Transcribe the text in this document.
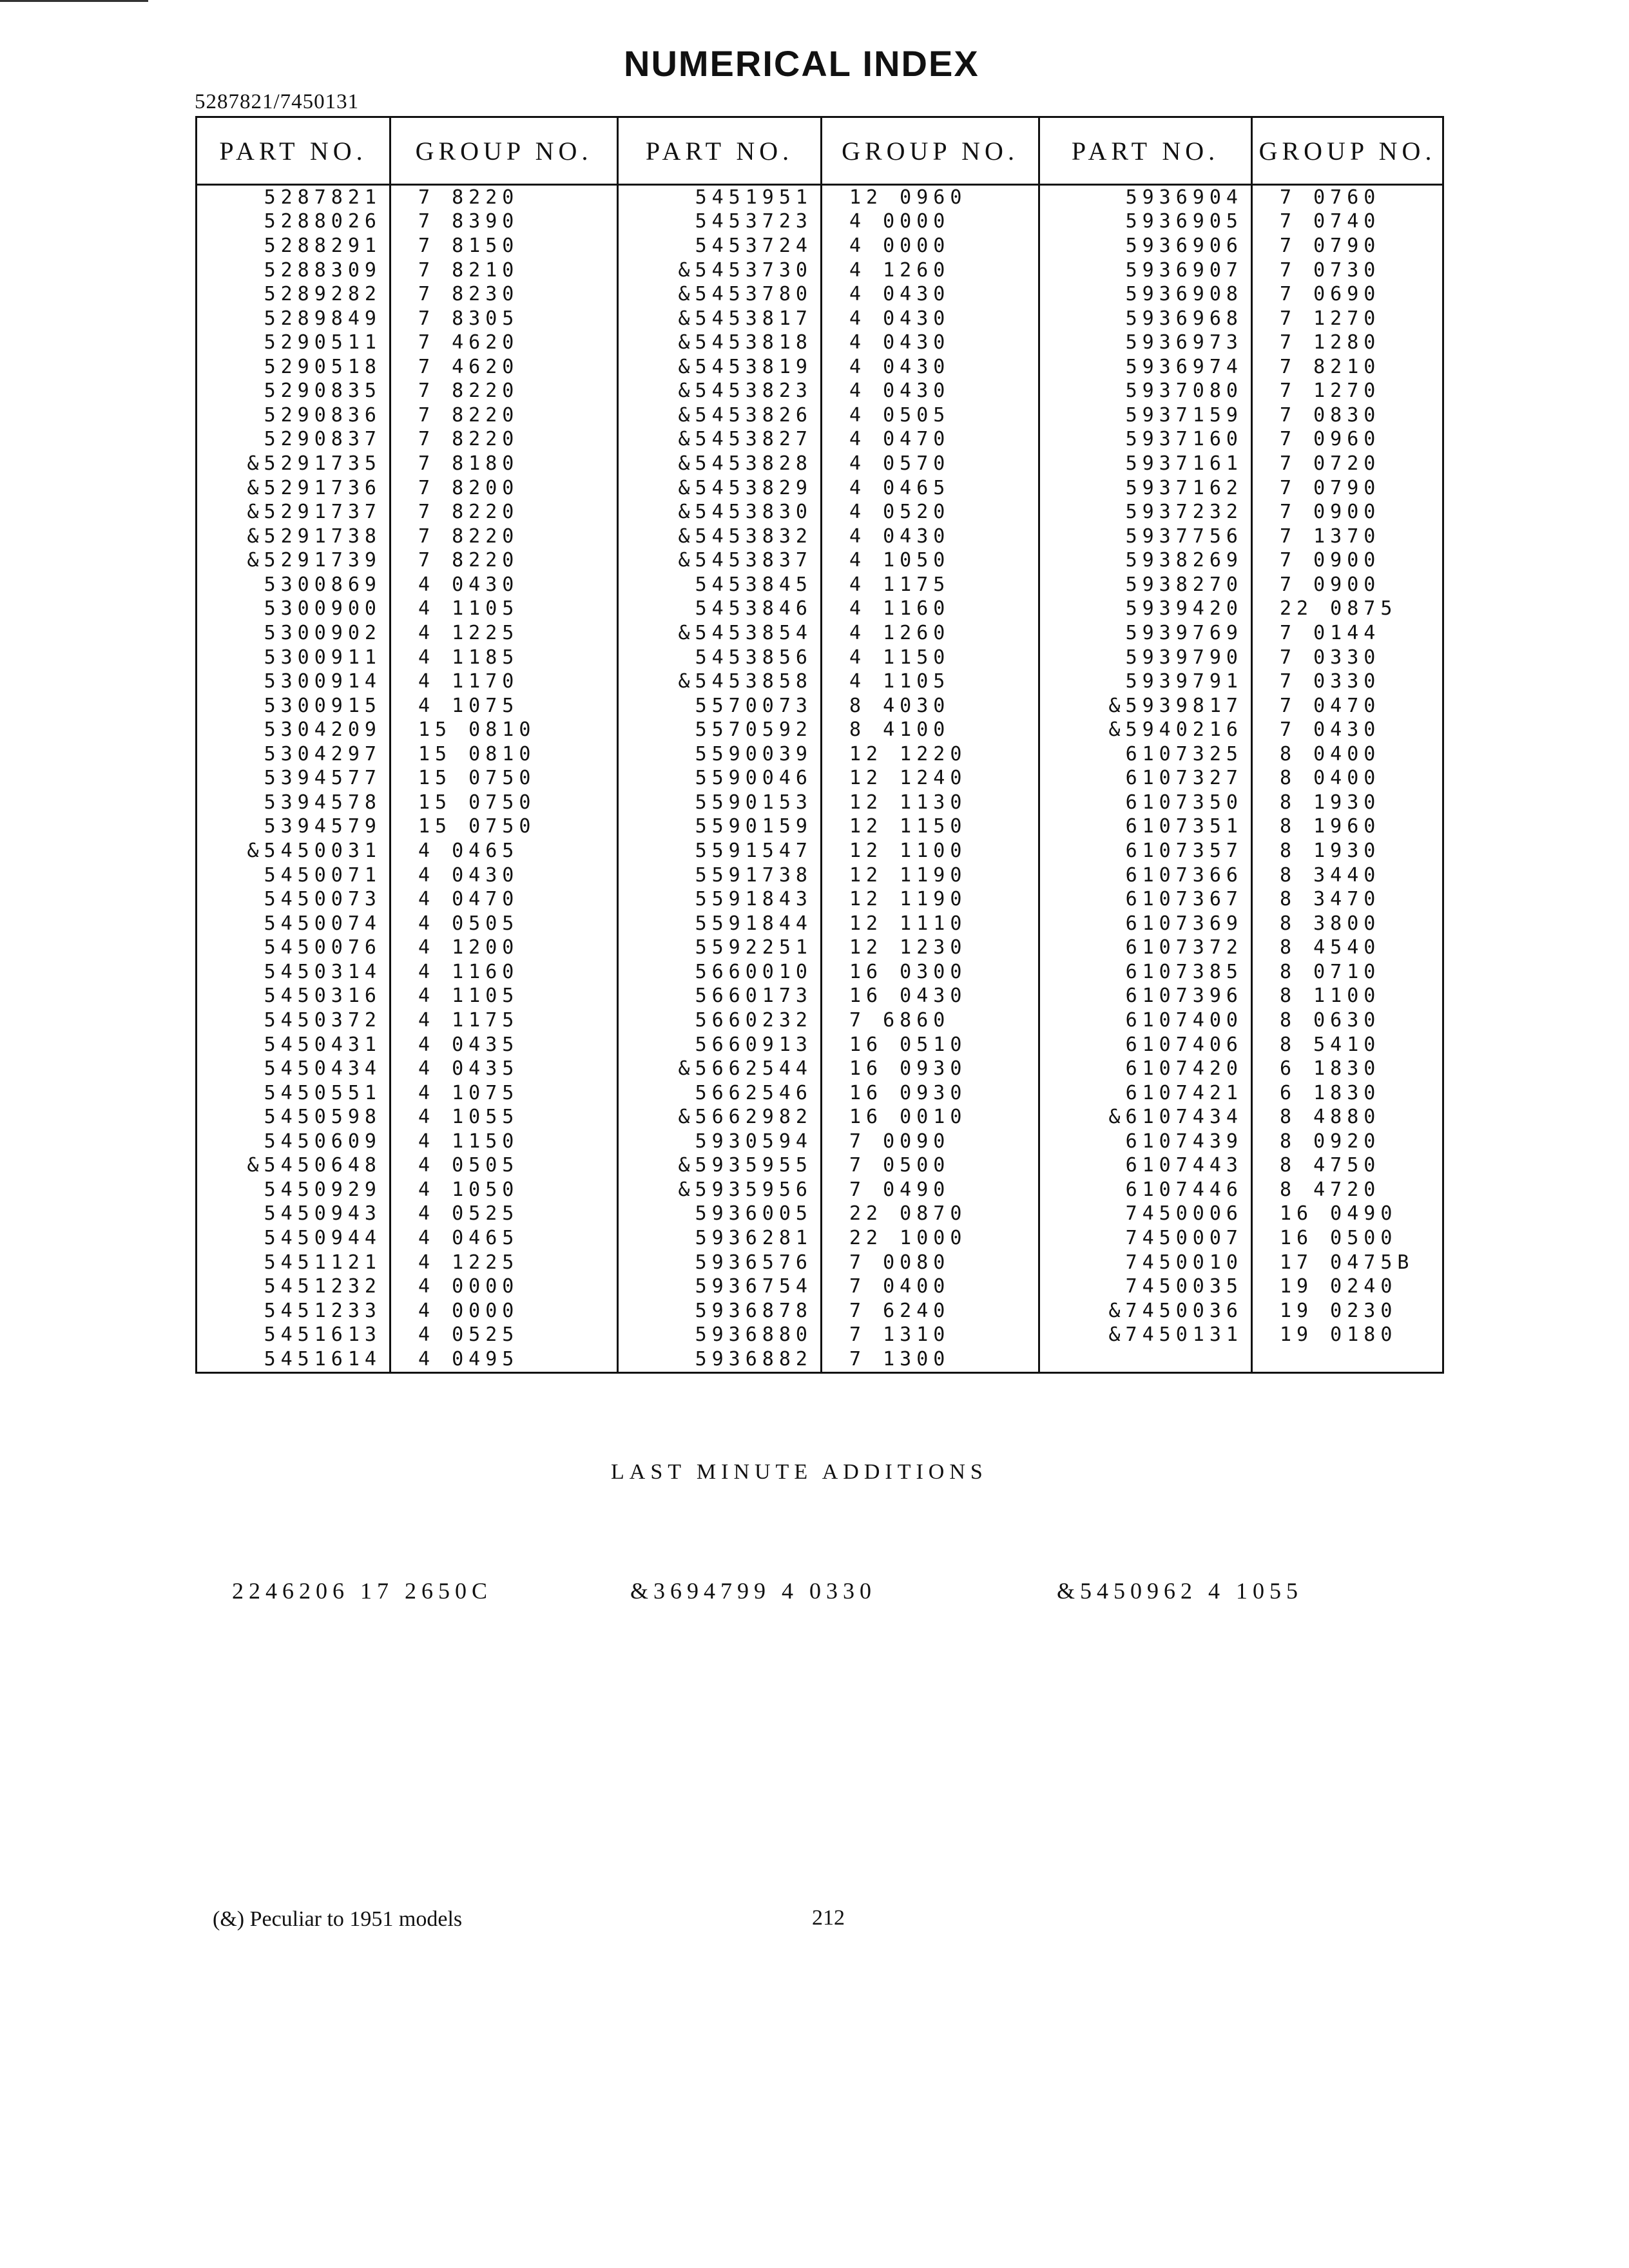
NUMERICAL INDEX
5287821/7450131
PART NO.	GROUP NO.	PART NO.	GROUP NO.	PART NO.	GROUP NO.
5287821	7 8220	5451951	12 0960	5936904	7 0760
5288026	7 8390	5453723	4 0000	5936905	7 0740
5288291	7 8150	5453724	4 0000	5936906	7 0790
5288309	7 8210	&5453730	4 1260	5936907	7 0730
5289282	7 8230	&5453780	4 0430	5936908	7 0690
5289849	7 8305	&5453817	4 0430	5936968	7 1270
5290511	7 4620	&5453818	4 0430	5936973	7 1280
5290518	7 4620	&5453819	4 0430	5936974	7 8210
5290835	7 8220	&5453823	4 0430	5937080	7 1270
5290836	7 8220	&5453826	4 0505	5937159	7 0830
5290837	7 8220	&5453827	4 0470	5937160	7 0960
&5291735	7 8180	&5453828	4 0570	5937161	7 0720
&5291736	7 8200	&5453829	4 0465	5937162	7 0790
&5291737	7 8220	&5453830	4 0520	5937232	7 0900
&5291738	7 8220	&5453832	4 0430	5937756	7 1370
&5291739	7 8220	&5453837	4 1050	5938269	7 0900
5300869	4 0430	5453845	4 1175	5938270	7 0900
5300900	4 1105	5453846	4 1160	5939420	22 0875
5300902	4 1225	&5453854	4 1260	5939769	7 0144
5300911	4 1185	5453856	4 1150	5939790	7 0330
5300914	4 1170	&5453858	4 1105	5939791	7 0330
5300915	4 1075	5570073	8 4030	&5939817	7 0470
5304209	15 0810	5570592	8 4100	&5940216	7 0430
5304297	15 0810	5590039	12 1220	6107325	8 0400
5394577	15 0750	5590046	12 1240	6107327	8 0400
5394578	15 0750	5590153	12 1130	6107350	8 1930
5394579	15 0750	5590159	12 1150	6107351	8 1960
&5450031	4 0465	5591547	12 1100	6107357	8 1930
5450071	4 0430	5591738	12 1190	6107366	8 3440
5450073	4 0470	5591843	12 1190	6107367	8 3470
5450074	4 0505	5591844	12 1110	6107369	8 3800
5450076	4 1200	5592251	12 1230	6107372	8 4540
5450314	4 1160	5660010	16 0300	6107385	8 0710
5450316	4 1105	5660173	16 0430	6107396	8 1100
5450372	4 1175	5660232	7 6860	6107400	8 0630
5450431	4 0435	5660913	16 0510	6107406	8 5410
5450434	4 0435	&5662544	16 0930	6107420	6 1830
5450551	4 1075	5662546	16 0930	6107421	6 1830
5450598	4 1055	&5662982	16 0010	&6107434	8 4880
5450609	4 1150	5930594	7 0090	6107439	8 0920
&5450648	4 0505	&5935955	7 0500	6107443	8 4750
5450929	4 1050	&5935956	7 0490	6107446	8 4720
5450943	4 0525	5936005	22 0870	7450006	16 0490
5450944	4 0465	5936281	22 1000	7450007	16 0500
5451121	4 1225	5936576	7 0080	7450010	17 0475B
5451232	4 0000	5936754	7 0400	7450035	19 0240
5451233	4 0000	5936878	7 6240	&7450036	19 0230
5451613	4 0525	5936880	7 1310	&7450131	19 0180
5451614	4 0495	5936882	7 1300		
LAST MINUTE ADDITIONS
2246206 17 2650C	&3694799 4 0330	&5450962 4 1055
(&) Peculiar to 1951 models	212
